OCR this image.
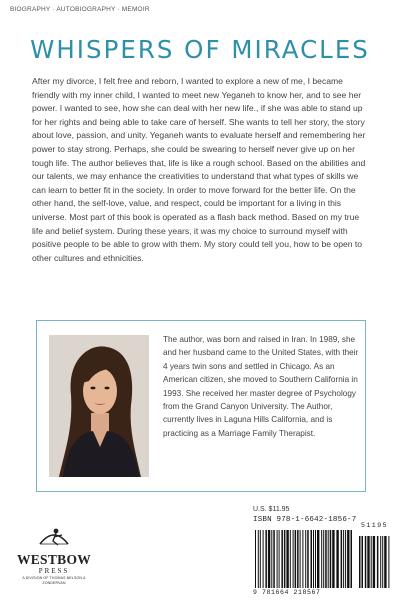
BIOGRAPHY · AUTOBIOGRAPHY · MEMOIR
WHISPERS OF MIRACLES

After my divorce, I felt free and reborn, I wanted to explore a new of me, I became friendly with my inner child, I wanted to meet new Yeganeh to know her, and to see her power. I wanted to see, how she can deal with her new life., if she was able to stand up for her rights and being able to take care of herself. She wants to tell her story, the story about love, passion, and unity. Yeganeh wants to evaluate herself and remembering her power to stay strong. Perhaps, she could be swearing to herself never give up on her tough life. The author believes that, life is like a rough school. Based on the abilities and our talents, we may enhance the creativities to understand that what types of skills we can learn to better fit in the society. In order to move forward for the better life. On the other hand, the self-love, value, and respect, could be important for a living in this universe. Most part of this book is operated as a flash back method. Based on my true life and belief system. During these years, it was my choice to surround myself with positive people to be able to grow with them. My story could tell you, how to be open to other cultures and ethnicities.

The author, was born and raised in Iran. In 1989, she and her husband came to the United States, with their 4 years twin sons and settled in Chicago. As an American citizen, she moved to Southern California in 1993. She received her master degree of Psychology from the Grand Canyon University. The Author, currently lives in Laguna Hills California, and is practicing as a Marriage Family Therapist.

WESTBOW
PRESS
A DIVISION OF THOMAS NELSON & ZONDERVAN
U.S. $11.95
ISBN 978-1-6642-1856-7
9 781664 218567
51195
